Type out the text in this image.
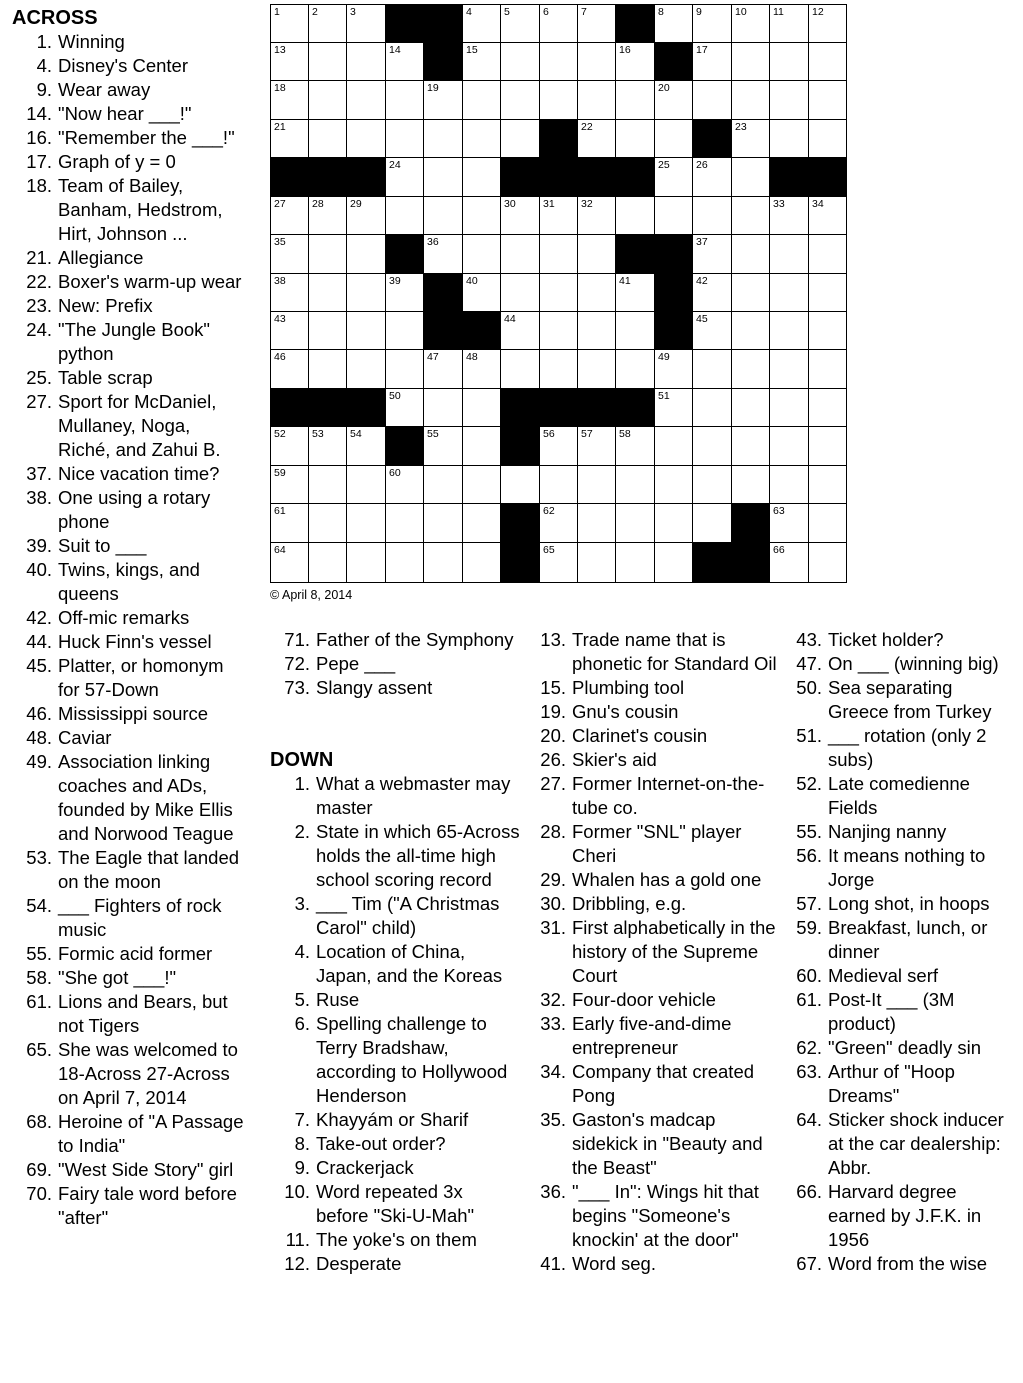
ACROSS
1. Winning
4. Disney's Center
9. Wear away
14. "Now hear ___!"
16. "Remember the ___!"
17. Graph of y = 0
18. Team of Bailey, Banham, Hedstrom, Hirt, Johnson ...
21. Allegiance
22. Boxer's warm-up wear
23. New: Prefix
24. "The Jungle Book" python
25. Table scrap
27. Sport for McDaniel, Mullaney, Noga, Riché, and Zahui B.
37. Nice vacation time?
38. One using a rotary phone
39. Suit to ___
40. Twins, kings, and queens
42. Off-mic remarks
44. Huck Finn's vessel
45. Platter, or homonym for 57-Down
46. Mississippi source
48. Caviar
49. Association linking coaches and ADs, founded by Mike Ellis and Norwood Teague
53. The Eagle that landed on the moon
54. ___ Fighters of rock music
55. Formic acid former
58. "She got ___!"
61. Lions and Bears, but not Tigers
65. She was welcomed to 18-Across 27-Across on April 7, 2014
68. Heroine of "A Passage to India"
69. "West Side Story" girl
70. Fairy tale word before "after"
1	2	3	4	5	6	7	8	9	10	11	12
13	14	15	16	17
18	19	20
21	22	23
24	25	26
27	28	29	30	31	32	33	34
35	36	37
38	39	40	41	42
43	44	45
46	47	48	49
50	51
52	53	54	55	56	57	58
59	60
61	62	63
64	65	66
© April 8, 2014
71. Father of the Symphony
72. Pepe ___
73. Slangy assent
DOWN
1. What a webmaster may master
2. State in which 65-Across holds the all-time high school scoring record
3. ___ Tim ("A Christmas Carol" child)
4. Location of China, Japan, and the Koreas
5. Ruse
6. Spelling challenge to Terry Bradshaw, according to Hollywood Henderson
7. Khayyám or Sharif
8. Take-out order?
9. Crackerjack
10. Word repeated 3x before "Ski-U-Mah"
11. The yoke's on them
12. Desperate
13. Trade name that is phonetic for Standard Oil
15. Plumbing tool
19. Gnu's cousin
20. Clarinet's cousin
26. Skier's aid
27. Former Internet-on-the-tube co.
28. Former "SNL" player Cheri
29. Whalen has a gold one
30. Dribbling, e.g.
31. First alphabetically in the history of the Supreme Court
32. Four-door vehicle
33. Early five-and-dime entrepreneur
34. Company that created Pong
35. Gaston's madcap sidekick in "Beauty and the Beast"
36. "___ In": Wings hit that begins "Someone's knockin' at the door"
41. Word seg.
43. Ticket holder?
47. On ___ (winning big)
50. Sea separating Greece from Turkey
51. ___ rotation (only 2 subs)
52. Late comedienne Fields
55. Nanjing nanny
56. It means nothing to Jorge
57. Long shot, in hoops
59. Breakfast, lunch, or dinner
60. Medieval serf
61. Post-It ___ (3M product)
62. "Green" deadly sin
63. Arthur of "Hoop Dreams"
64. Sticker shock inducer at the car dealership: Abbr.
66. Harvard degree earned by J.F.K. in 1956
67. Word from the wise
